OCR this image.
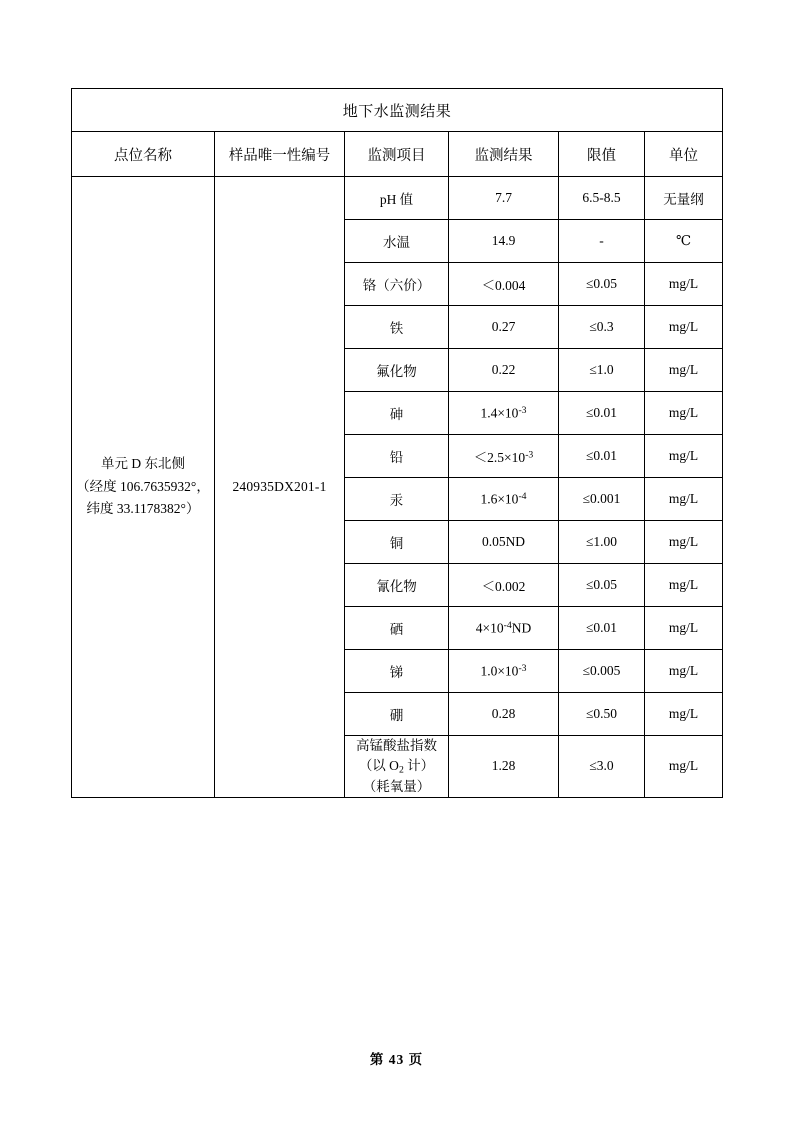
地下水监测结果					
点位名称	样品唯一性编号	监测项目	监测结果	限值	单位

单元 D 东北侧
（经度 106.7635932°，
纬度 33.1178382°）	240935DX201-1	pH 值	7.7	6.5-8.5	无量纲
		水温	14.9	-	℃
		铬（六价）	＜0.004	≤0.05	mg/L
		铁	0.27	≤0.3	mg/L
		氟化物	0.22	≤1.0	mg/L
		砷	$1.4\times 10^{-3}$	≤0.01	mg/L
		铅	$<2.5\times 10^{-3}$	≤0.01	mg/L
		汞	$1.6\times 10^{-4}$	≤0.001	mg/L
		铜	0.05ND	≤1.00	mg/L
		氰化物	＜0.002	≤0.05	mg/L
		硒	$4\times 10^{-4}ND$	≤0.01	mg/L
		锑	$1.0\times 10^{-3}$	≤0.005	mg/L
		硼	0.28	≤0.50	mg/L
		高锰酸盐指数
（以 $O_2$ 计）
（耗氧量）	1.28	≤3.0	mg/L
第 43 页
